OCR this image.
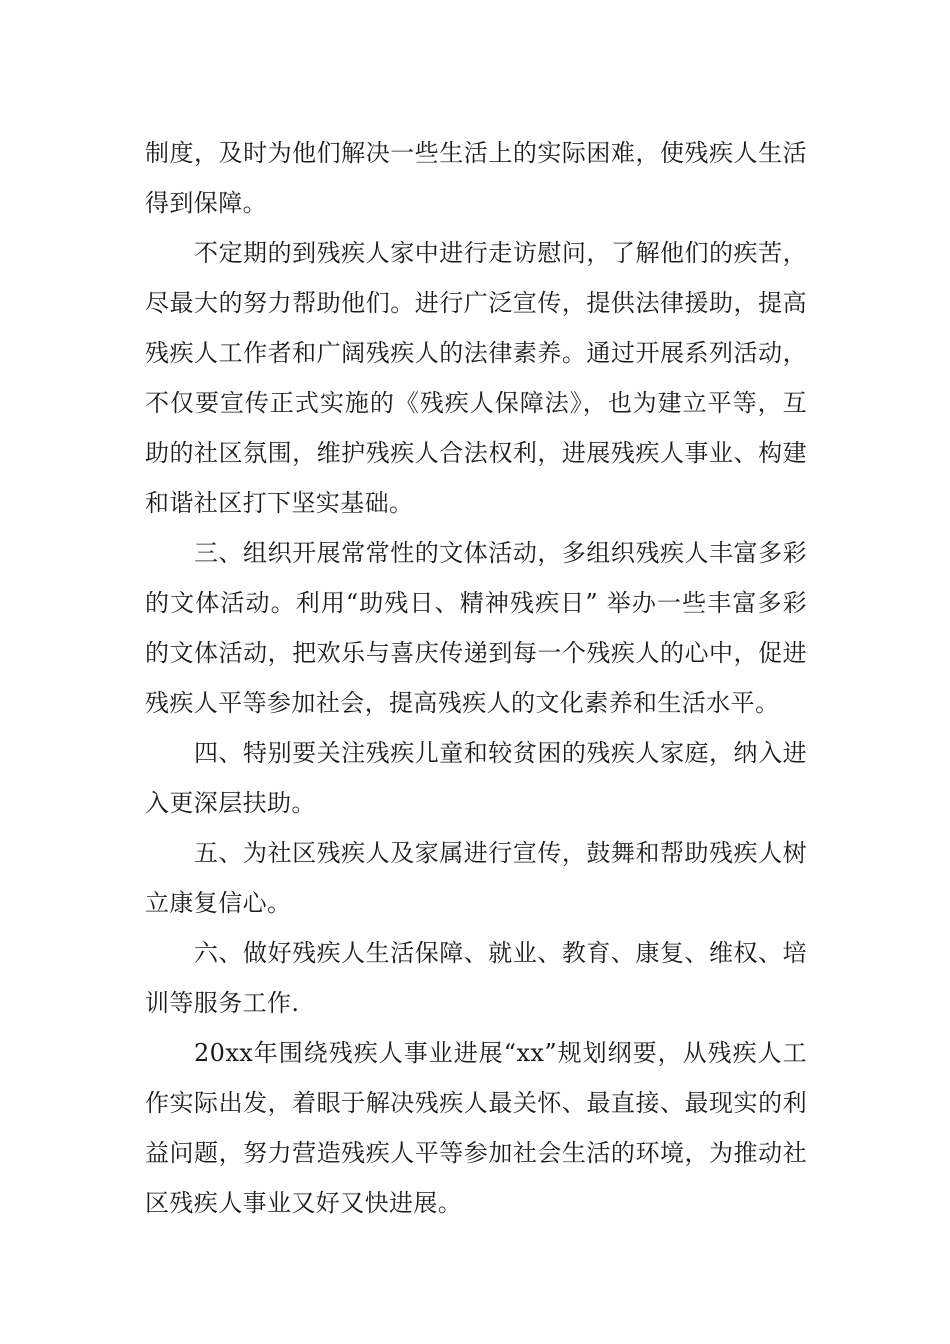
制度，及时为他们解决一些生活上的实际困难，使残疾人生活得到保障。

不定期的到残疾人家中进行走访慰问，了解他们的疾苦，尽最大的努力帮助他们。进行广泛宣传，提供法律援助，提高残疾人工作者和广阔残疾人的法律素养。通过开展系列活动，不仅要宣传正式实施的《残疾人保障法》，也为建立平等，互助的社区氛围，维护残疾人合法权利，进展残疾人事业、构建和谐社区打下坚实基础。

三、组织开展常常性的文体活动，多组织残疾人丰富多彩的文体活动。利用“助残日、精神残疾日” 举办一些丰富多彩的文体活动，把欢乐与喜庆传递到每一个残疾人的心中，促进残疾人平等参加社会，提高残疾人的文化素养和生活水平。

四、特别要关注残疾儿童和较贫困的残疾人家庭，纳入进入更深层扶助。

五、为社区残疾人及家属进行宣传，鼓舞和帮助残疾人树立康复信心。

六、做好残疾人生活保障、就业、教育、康复、维权、培训等服务工作.

20xx年围绕残疾人事业进展“xx”规划纲要，从残疾人工作实际出发，着眼于解决残疾人最关怀、最直接、最现实的利益问题，努力营造残疾人平等参加社会生活的环境，为推动社区残疾人事业又好又快进展。
